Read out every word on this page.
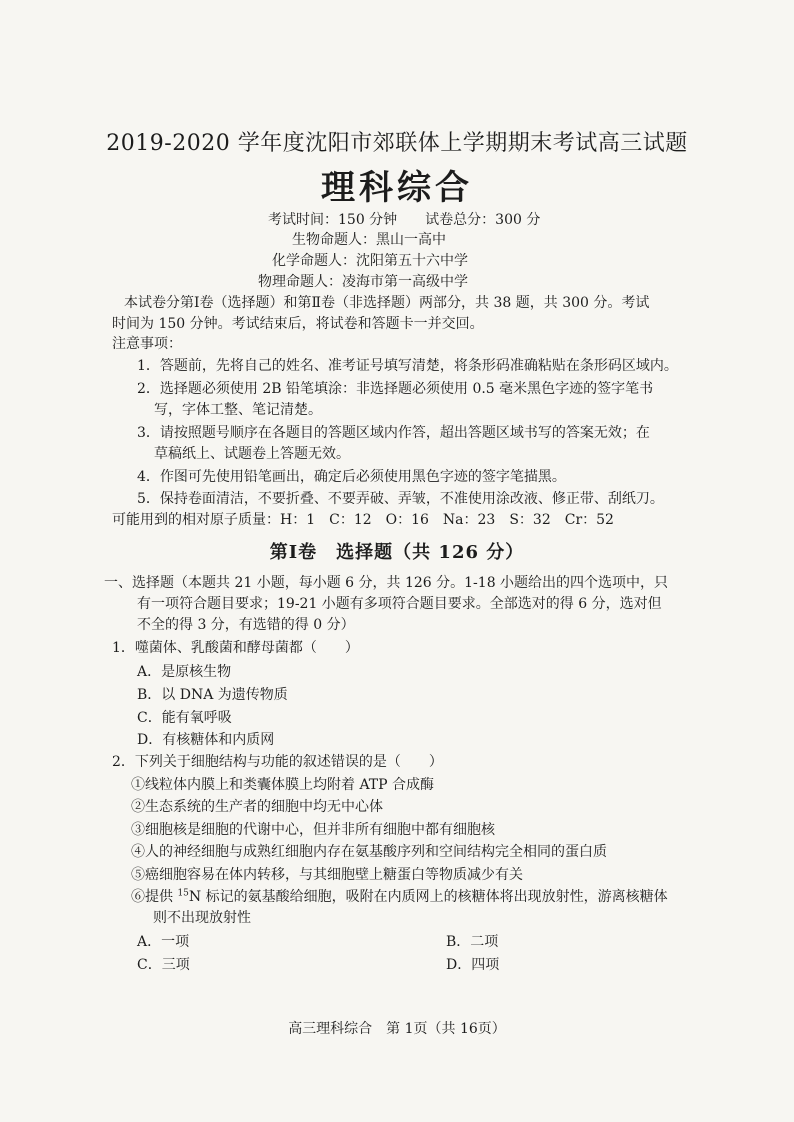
2019-2020 学年度沈阳市郊联体上学期期末考试高三试题
理科综合
考试时间：150 分钟　　试卷总分：300 分
生物命题人：黑山一高中
化学命题人：沈阳第五十六中学
物理命题人：凌海市第一高级中学
本试卷分第Ⅰ卷（选择题）和第Ⅱ卷（非选择题）两部分，共 38 题，共 300 分。考试
时间为 150 分钟。考试结束后，将试卷和答题卡一并交回。
注意事项：
1．答题前，先将自己的姓名、准考证号填写清楚，将条形码准确粘贴在条形码区域内。
2．选择题必须使用 2B 铅笔填涂：非选择题必须使用 0.5 毫米黑色字迹的签字笔书
写，字体工整、笔记清楚。
3．请按照题号顺序在各题目的答题区域内作答，超出答题区域书写的答案无效；在
草稿纸上、试题卷上答题无效。
4．作图可先使用铅笔画出，确定后必须使用黑色字迹的签字笔描黑。
5．保持卷面清洁，不要折叠、不要弄破、弄皱，不准使用涂改液、修正带、刮纸刀。
可能用到的相对原子质量：H：1　C：12　O：16　Na：23　S：32　Cr：52
第Ⅰ卷　选择题（共 126 分）
一、选择题（本题共 21 小题，每小题 6 分，共 126 分。1-18 小题给出的四个选项中，只
有一项符合题目要求；19-21 小题有多项符合题目要求。全部选对的得 6 分，选对但
不全的得 3 分，有选错的得 0 分）
1．噬菌体、乳酸菌和酵母菌都（　　）
A．是原核生物
B．以 DNA 为遗传物质
C．能有氧呼吸
D．有核糖体和内质网
2．下列关于细胞结构与功能的叙述错误的是（　　）
①线粒体内膜上和类囊体膜上均附着 ATP 合成酶
②生态系统的生产者的细胞中均无中心体
③细胞核是细胞的代谢中心，但并非所有细胞中都有细胞核
④人的神经细胞与成熟红细胞内存在氨基酸序列和空间结构完全相同的蛋白质
⑤癌细胞容易在体内转移，与其细胞壁上糖蛋白等物质减少有关
⑥提供 $^{15}$N 标记的氨基酸给细胞，吸附在内质网上的核糖体将出现放射性，游离核糖体
则不出现放射性
A．一项	B．二项
C．三项	D．四项
高三理科综合　第 1页（共 16页）
